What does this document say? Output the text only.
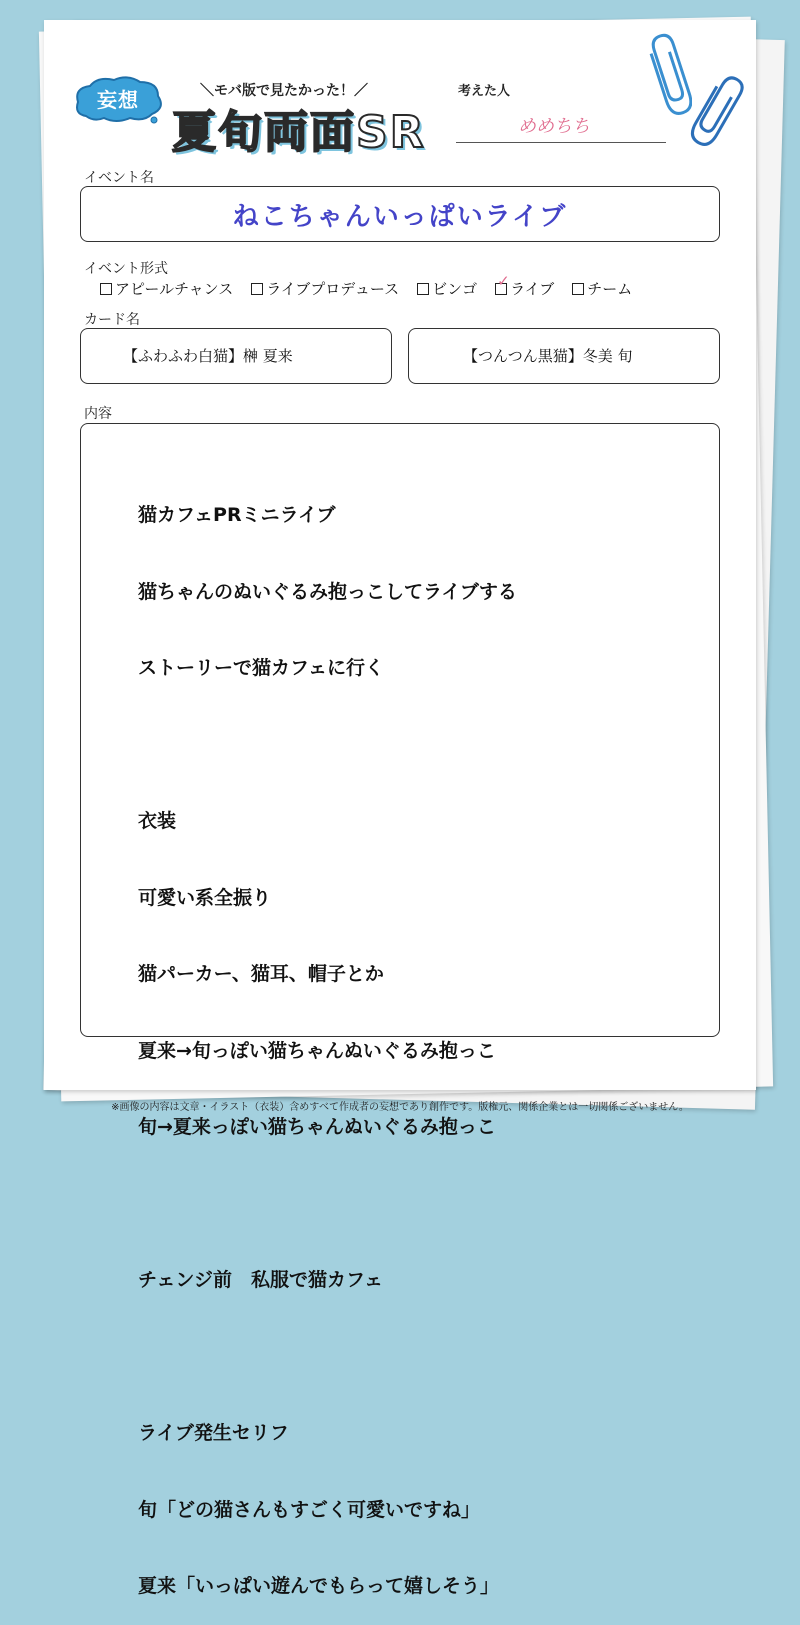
妄想	＼モバ版で見たかった！／
夏旬両面SR
考えた人
めめちち
イベント名
ねこちゃんいっぱいライブ
イベント形式
アピールチャンス ライブプロデュース ビンゴ ✓ ライブ チーム
カード名
【ふわふわ白猫】榊 夏来	【つんつん黒猫】冬美 旬
内容

猫カフェPRミニライブ

猫ちゃんのぬいぐるみ抱っこしてライブする

ストーリーで猫カフェに行く

衣装

可愛い系全振り

猫パーカー、猫耳、帽子とか

夏来→旬っぽい猫ちゃんぬいぐるみ抱っこ

旬→夏来っぽい猫ちゃんぬいぐるみ抱っこ

チェンジ前　私服で猫カフェ

ライブ発生セリフ

旬「どの猫さんもすごく可愛いですね」

夏来「いっぱい遊んでもらって嬉しそう」

※画像の内容は文章・イラスト（衣装）含めすべて作成者の妄想であり創作です。版権元、関係企業とは一切関係ございません。
